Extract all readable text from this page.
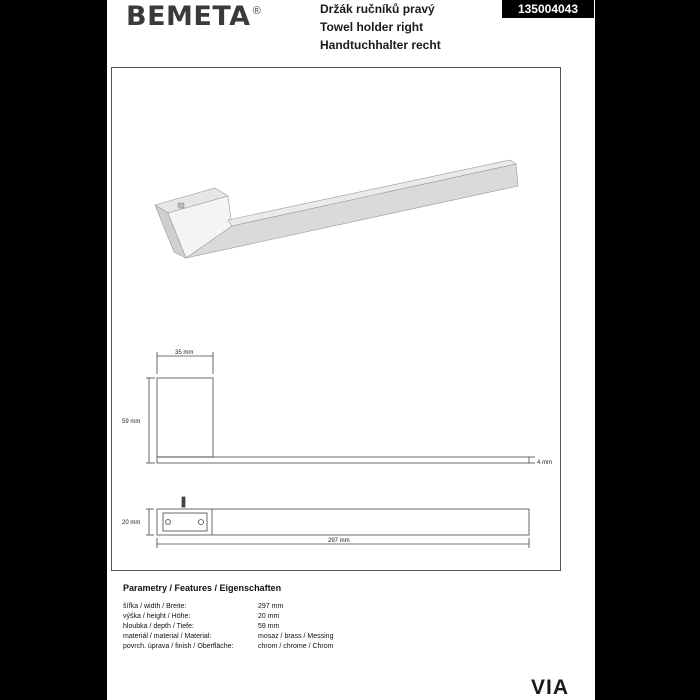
BEMETA ®	Držák ručníků pravý
Towel holder right
Handtuchhalter recht
135004043
35 mm
59 mm
4 mm
20 mm
297 mm
Parametry / Features / Eigenschaften
šířka / width / Breite:	297 mm
výška / height / Höhe:	20 mm
hloubka / depth / Tiefe:	59 mm
materiál / material / Material:	mosaz / brass / Messing
povrch. úprava / finish / Oberfläche:	chrom / chrome / Chrom
VIA
